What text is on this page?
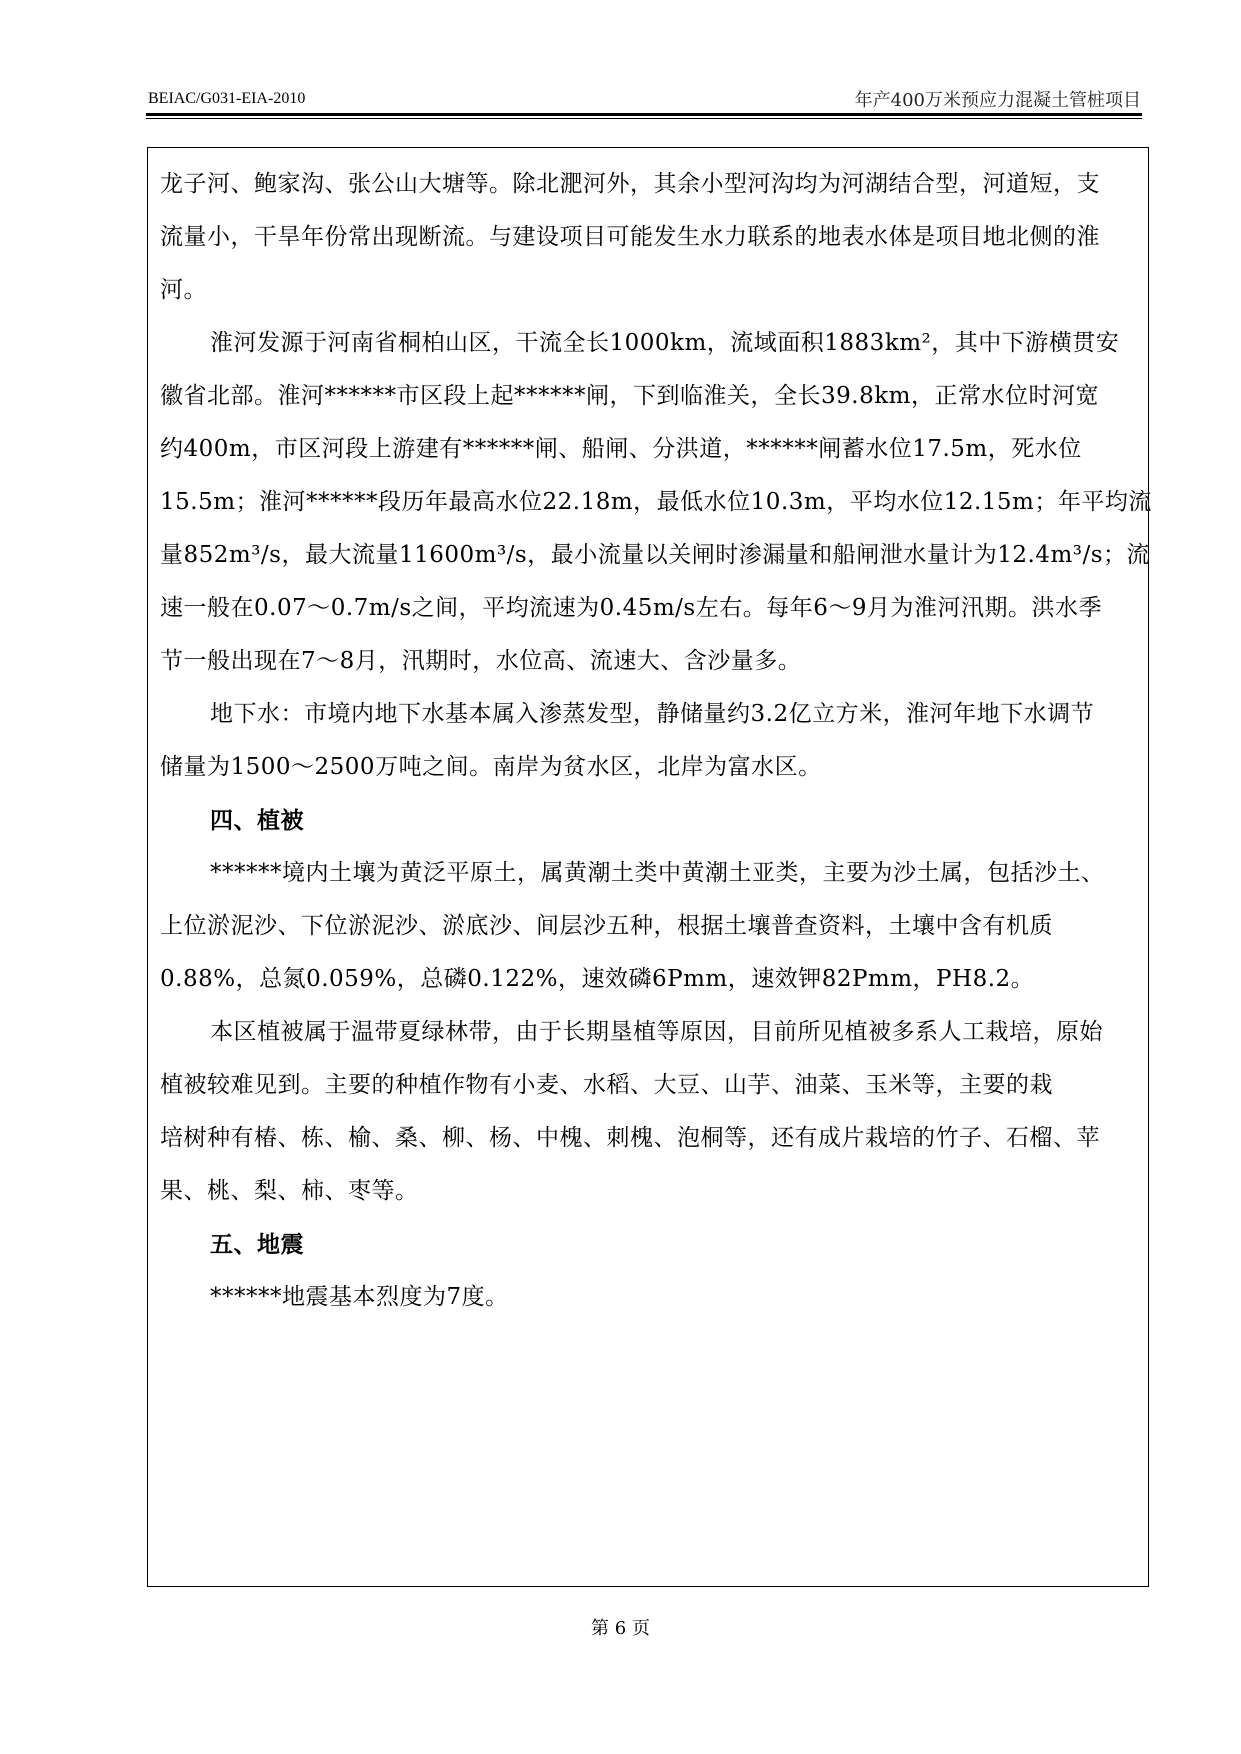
BEIAC/G031-EIA-2010	年产400万米预应力混凝土管桩项目
龙子河、鲍家沟、张公山大塘等。除北淝河外，其余小型河沟均为河湖结合型，河道短，支
流量小，干旱年份常出现断流。与建设项目可能发生水力联系的地表水体是项目地北侧的淮
河。
淮河发源于河南省桐柏山区，干流全长1000km，流域面积1883km²，其中下游横贯安
徽省北部。淮河******市区段上起******闸，下到临淮关，全长39.8km，正常水位时河宽
约400m，市区河段上游建有******闸、船闸、分洪道，******闸蓄水位17.5m，死水位
15.5m；淮河******段历年最高水位22.18m，最低水位10.3m，平均水位12.15m；年平均流
量852m³/s，最大流量11600m³/s，最小流量以关闸时渗漏量和船闸泄水量计为12.4m³/s；流
速一般在0.07～0.7m/s之间，平均流速为0.45m/s左右。每年6～9月为淮河汛期。洪水季
节一般出现在7～8月，汛期时，水位高、流速大、含沙量多。
地下水：市境内地下水基本属入渗蒸发型，静储量约3.2亿立方米，淮河年地下水调节
储量为1500～2500万吨之间。南岸为贫水区，北岸为富水区。
四、植被
******境内土壤为黄泛平原土，属黄潮土类中黄潮土亚类，主要为沙土属，包括沙土、
上位淤泥沙、下位淤泥沙、淤底沙、间层沙五种，根据土壤普查资料，土壤中含有机质
0.88%，总氮0.059%，总磷0.122%，速效磷6Pmm，速效钾82Pmm，PH8.2。
本区植被属于温带夏绿林带，由于长期垦植等原因，目前所见植被多系人工栽培，原始
植被较难见到。主要的种植作物有小麦、水稻、大豆、山芋、油菜、玉米等，主要的栽
培树种有椿、栋、榆、桑、柳、杨、中槐、刺槐、泡桐等，还有成片栽培的竹子、石榴、苹
果、桃、梨、柿、枣等。
五、地震
******地震基本烈度为7度。
第 6 页
